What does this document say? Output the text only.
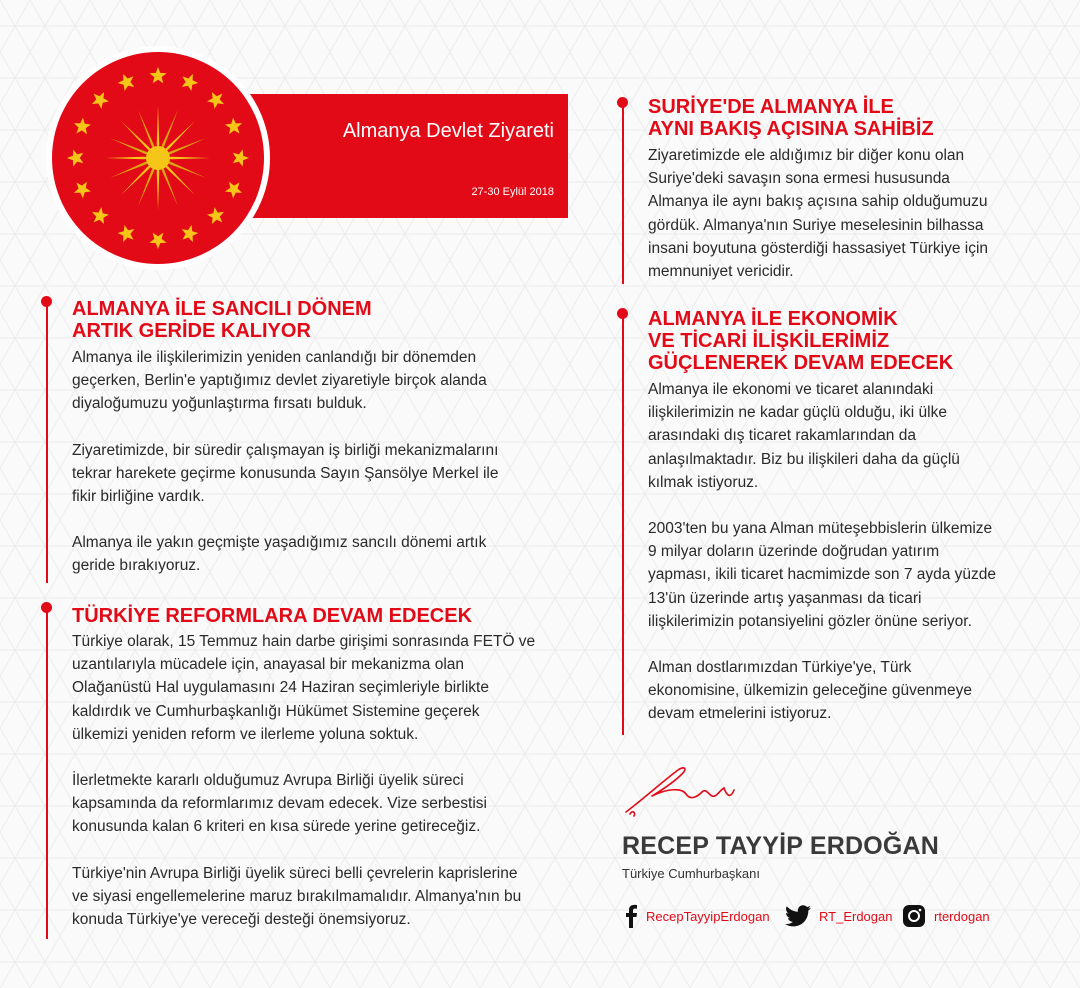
Almanya Devlet Ziyareti
27-30 Eylül 2018
ALMANYA İLE SANCILI DÖNEM
ARTIK GERİDE KALIYOR

Almanya ile ilişkilerimizin yeniden canlandığı bir dönemden
geçerken, Berlin'e yaptığımız devlet ziyaretiyle birçok alanda
diyaloğumuzu yoğunlaştırma fırsatı bulduk.

Ziyaretimizde, bir süredir çalışmayan iş birliği mekanizmalarını
tekrar harekete geçirme konusunda Sayın Şansölye Merkel ile
fikir birliğine vardık.

Almanya ile yakın geçmişte yaşadığımız sancılı dönemi artık
geride bırakıyoruz.

TÜRKİYE REFORMLARA DEVAM EDECEK

Türkiye olarak, 15 Temmuz hain darbe girişimi sonrasında FETÖ ve
uzantılarıyla mücadele için, anayasal bir mekanizma olan
Olağanüstü Hal uygulamasını 24 Haziran seçimleriyle birlikte
kaldırdık ve Cumhurbaşkanlığı Hükümet Sistemine geçerek
ülkemizi yeniden reform ve ilerleme yoluna soktuk.

İlerletmekte kararlı olduğumuz Avrupa Birliği üyelik süreci
kapsamında da reformlarımız devam edecek. Vize serbestisi
konusunda kalan 6 kriteri en kısa sürede yerine getireceğiz.

Türkiye'nin Avrupa Birliği üyelik süreci belli çevrelerin kaprislerine
ve siyasi engellemelerine maruz bırakılmamalıdır. Almanya'nın bu
konuda Türkiye'ye vereceği desteği önemsiyoruz.

SURİYE'DE ALMANYA İLE
AYNI BAKIŞ AÇISINA SAHİBİZ

Ziyaretimizde ele aldığımız bir diğer konu olan
Suriye'deki savaşın sona ermesi hususunda
Almanya ile aynı bakış açısına sahip olduğumuzu
gördük. Almanya'nın Suriye meselesinin bilhassa
insani boyutuna gösterdiği hassasiyet Türkiye için
memnuniyet vericidir.

ALMANYA İLE EKONOMİK
VE TİCARİ İLİŞKİLERİMİZ
GÜÇLENEREK DEVAM EDECEK

Almanya ile ekonomi ve ticaret alanındaki
ilişkilerimizin ne kadar güçlü olduğu, iki ülke
arasındaki dış ticaret rakamlarından da
anlaşılmaktadır. Biz bu ilişkileri daha da güçlü
kılmak istiyoruz.

2003'ten bu yana Alman müteşebbislerin ülkemize
9 milyar doların üzerinde doğrudan yatırım
yapması, ikili ticaret hacmimizde son 7 ayda yüzde
13'ün üzerinde artış yaşanması da ticari
ilişkilerimizin potansiyelini gözler önüne seriyor.

Alman dostlarımızdan Türkiye'ye, Türk
ekonomisine, ülkemizin geleceğine güvenmeye
devam etmelerini istiyoruz.

RECEP TAYYİP ERDOĞAN
Türkiye Cumhurbaşkanı
RecepTayyipErdogan	RT_Erdogan	rterdogan
